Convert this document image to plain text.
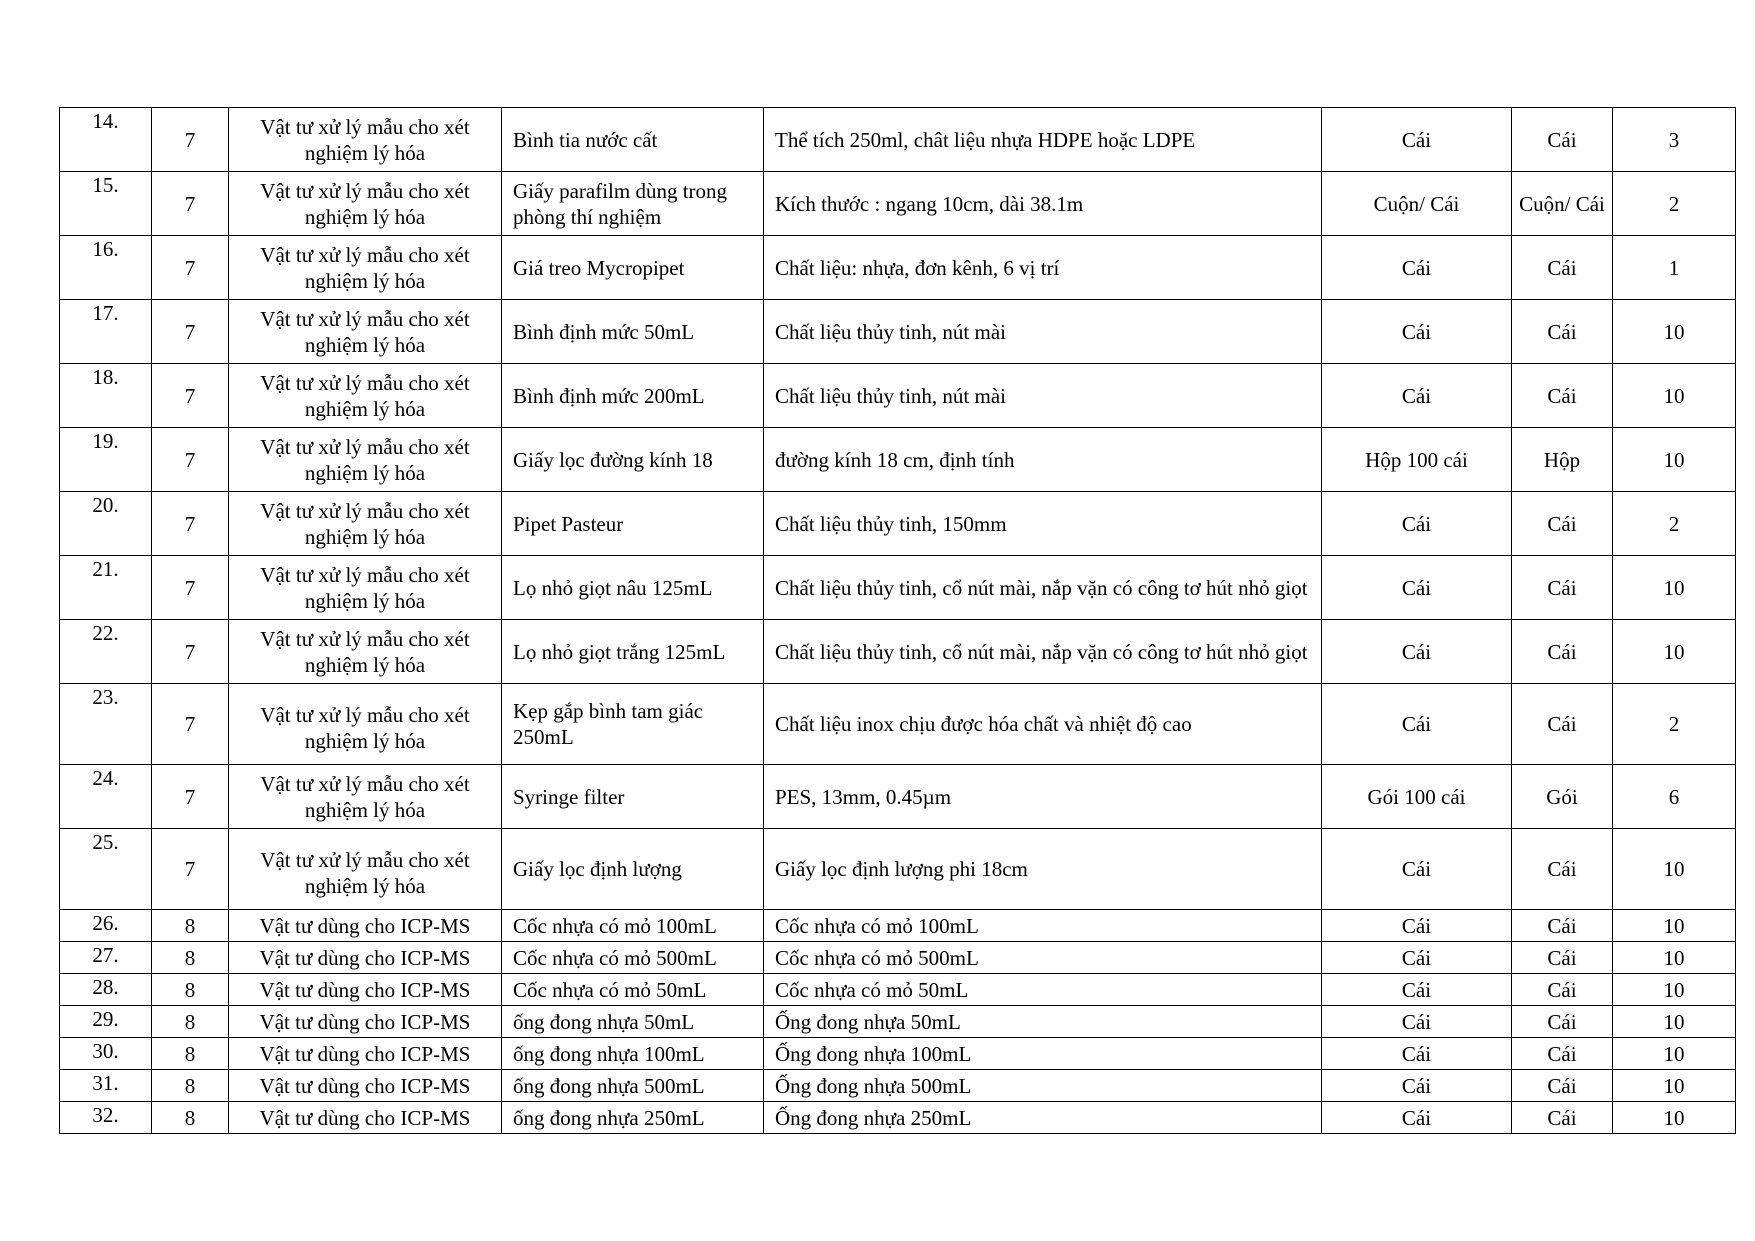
14.	7	Vật tư xử lý mẫu cho xét nghiệm lý hóa	Bình tia nước cất	Thể tích 250ml, chât liệu nhựa HDPE hoặc LDPE	Cái	Cái	3
15.	7	Vật tư xử lý mẫu cho xét nghiệm lý hóa	Giấy parafilm dùng trong phòng thí nghiệm	Kích thước : ngang 10cm, dài 38.1m	Cuộn/ Cái	Cuộn/ Cái	2
16.	7	Vật tư xử lý mẫu cho xét nghiệm lý hóa	Giá treo Mycropipet	Chất liệu: nhựa, đơn kênh, 6 vị trí	Cái	Cái	1
17.	7	Vật tư xử lý mẫu cho xét nghiệm lý hóa	Bình định mức 50mL	Chất liệu thủy tinh, nút mài	Cái	Cái	10
18.	7	Vật tư xử lý mẫu cho xét nghiệm lý hóa	Bình định mức 200mL	Chất liệu thủy tinh, nút mài	Cái	Cái	10
19.	7	Vật tư xử lý mẫu cho xét nghiệm lý hóa	Giấy lọc đường kính 18	đường kính 18 cm, định tính	Hộp 100 cái	Hộp	10
20.	7	Vật tư xử lý mẫu cho xét nghiệm lý hóa	Pipet Pasteur	Chất liệu thủy tinh, 150mm	Cái	Cái	2
21.	7	Vật tư xử lý mẫu cho xét nghiệm lý hóa	Lọ nhỏ giọt nâu 125mL	Chất liệu thủy tinh, cổ nút mài, nắp vặn có công tơ hút nhỏ giọt	Cái	Cái	10
22.	7	Vật tư xử lý mẫu cho xét nghiệm lý hóa	Lọ nhỏ giọt trắng 125mL	Chất liệu thủy tinh, cổ nút mài, nắp vặn có công tơ hút nhỏ giọt	Cái	Cái	10
23.	7	Vật tư xử lý mẫu cho xét nghiệm lý hóa	Kẹp gắp bình tam giác 250mL	Chất liệu inox chịu được hóa chất và nhiệt độ cao	Cái	Cái	2
24.	7	Vật tư xử lý mẫu cho xét nghiệm lý hóa	Syringe filter	PES, 13mm, 0.45µm	Gói 100 cái	Gói	6
25.	7	Vật tư xử lý mẫu cho xét nghiệm lý hóa	Giấy lọc định lượng	Giấy lọc định lượng phi 18cm	Cái	Cái	10
26.	8	Vật tư dùng cho ICP-MS	Cốc nhựa có mỏ 100mL	Cốc nhựa có mỏ 100mL	Cái	Cái	10
27.	8	Vật tư dùng cho ICP-MS	Cốc nhựa có mỏ 500mL	Cốc nhựa có mỏ 500mL	Cái	Cái	10
28.	8	Vật tư dùng cho ICP-MS	Cốc nhựa có mỏ 50mL	Cốc nhựa có mỏ 50mL	Cái	Cái	10
29.	8	Vật tư dùng cho ICP-MS	ống đong nhựa 50mL	Ống đong nhựa 50mL	Cái	Cái	10
30.	8	Vật tư dùng cho ICP-MS	ống đong nhựa 100mL	Ống đong nhựa 100mL	Cái	Cái	10
31.	8	Vật tư dùng cho ICP-MS	ống đong nhựa 500mL	Ống đong nhựa 500mL	Cái	Cái	10
32.	8	Vật tư dùng cho ICP-MS	ống đong nhựa 250mL	Ống đong nhựa 250mL	Cái	Cái	10
